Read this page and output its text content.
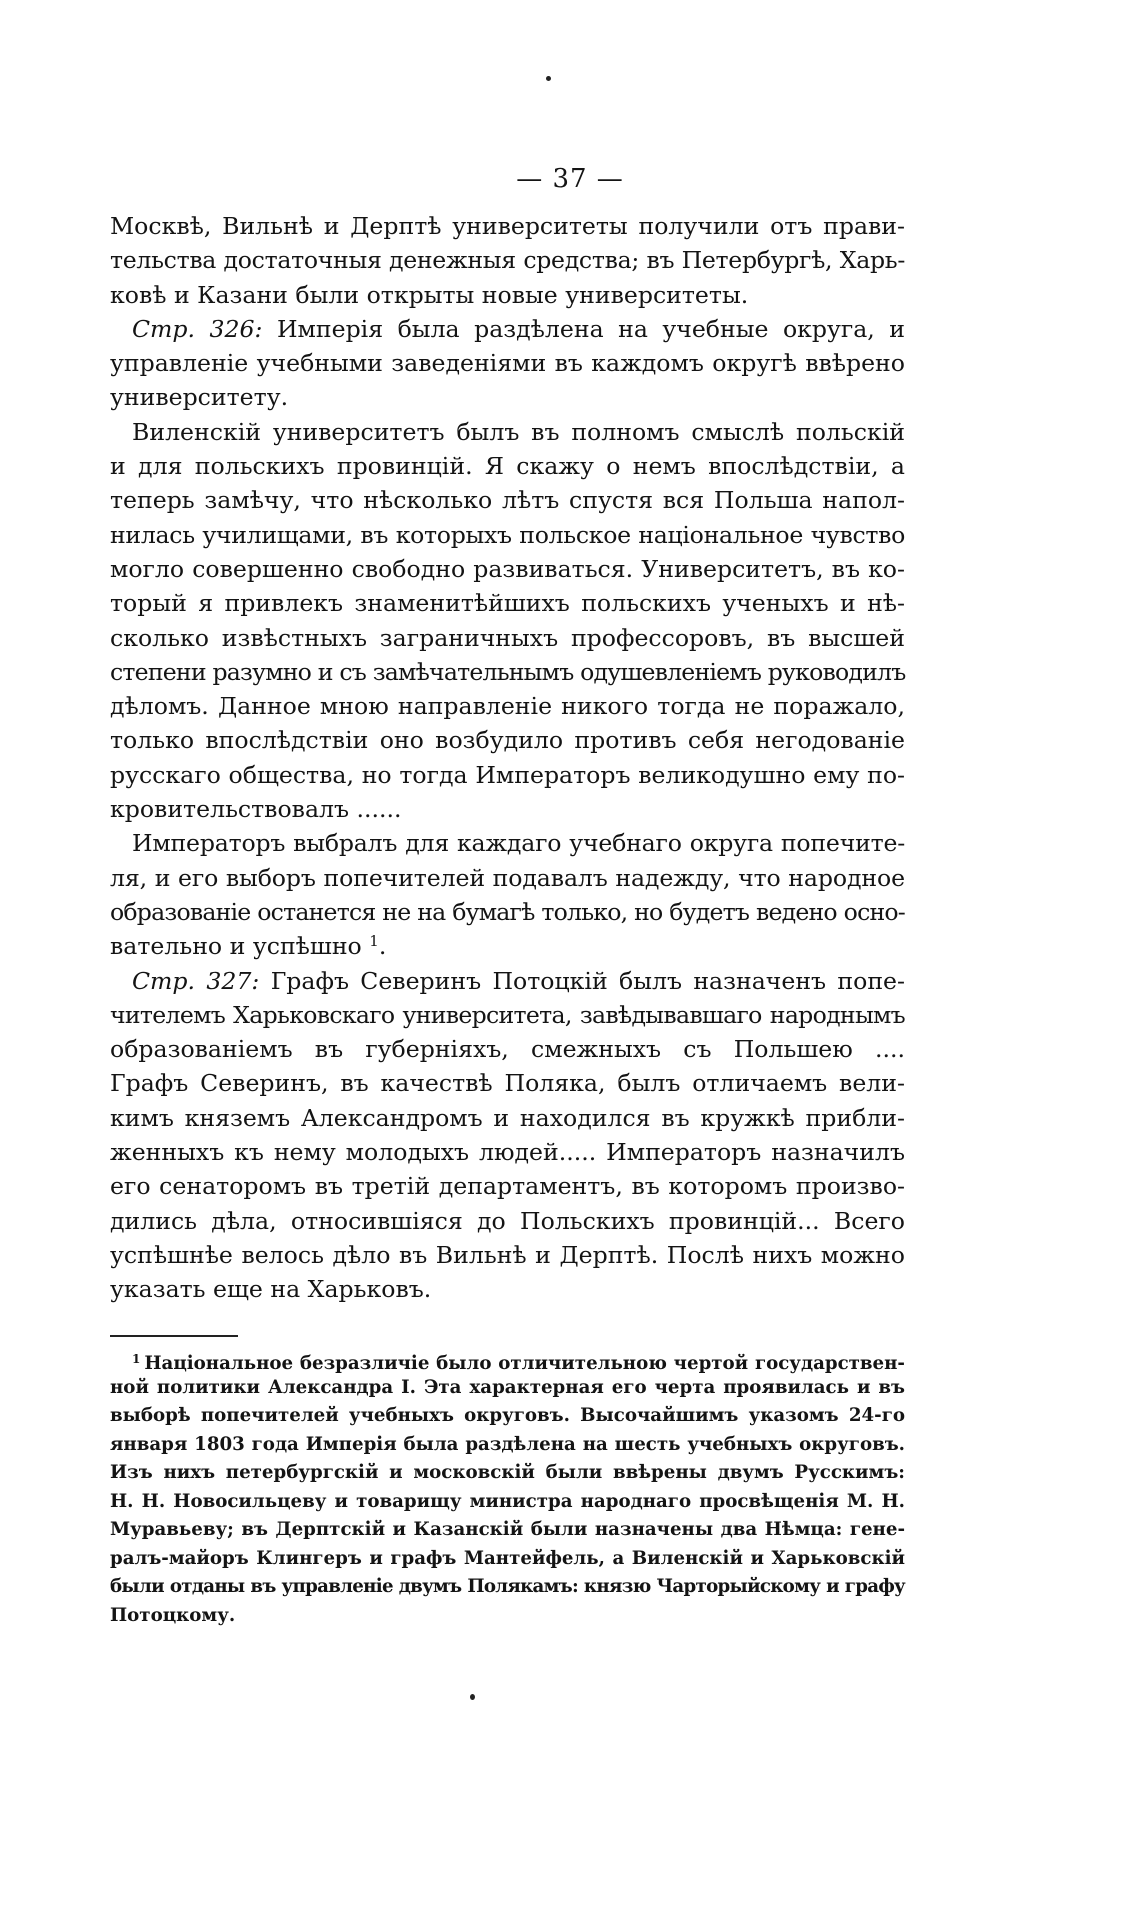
— 37 —
Москвѣ, Вильнѣ и Дерптѣ университеты получили отъ прави-
тельства достаточныя денежныя средства; въ Петербургѣ, Харь-
ковѣ и Казани были открыты новые университеты.
Стр. 326: Имперія была раздѣлена на учебные округа, и
управленіе учебными заведеніями въ каждомъ округѣ ввѣрено
университету.
Виленскій университетъ былъ въ полномъ смыслѣ польскій
и для польскихъ провинцій. Я скажу о немъ впослѣдствіи, а
теперь замѣчу, что нѣсколько лѣтъ спустя вся Польша напол-
нилась училищами, въ которыхъ польское національное чувство
могло совершенно свободно развиваться. Университетъ, въ ко-
торый я привлекъ знаменитѣйшихъ польскихъ ученыхъ и нѣ-
сколько извѣстныхъ заграничныхъ профессоровъ, въ высшей
степени разумно и съ замѣчательнымъ одушевленіемъ руководилъ
дѣломъ. Данное мною направленіе никого тогда не поражало,
только впослѣдствіи оно возбудило противъ себя негодованіе
русскаго общества, но тогда Императоръ великодушно ему по-
кровительствовалъ ......
Императоръ выбралъ для каждаго учебнаго округа попечите-
ля, и его выборъ попечителей подавалъ надежду, что народное
образованіе останется не на бумагѣ только, но будетъ ведено осно-
вательно и успѣшно $^1$.
Стр. 327: Графъ Северинъ Потоцкій былъ назначенъ попе-
чителемъ Харьковскаго университета, завѣдывавшаго народнымъ
образованіемъ въ губерніяхъ, смежныхъ съ Польшею ....
Графъ Северинъ, въ качествѣ Поляка, былъ отличаемъ вели-
кимъ княземъ Александромъ и находился въ кружкѣ прибли-
женныхъ къ нему молодыхъ людей..... Императоръ назначилъ
его сенаторомъ въ третій департаментъ, въ которомъ произво-
дились дѣла, относившіяся до Польскихъ провинцій... Всего
успѣшнѣе велось дѣло въ Вильнѣ и Дерптѣ. Послѣ нихъ можно
указать еще на Харьковъ.
$^1$ Національное безразличіе было отличительною чертой государствен-
ной политики Александра I. Эта характерная его черта проявилась и въ
выборѣ попечителей учебныхъ округовъ. Высочайшимъ указомъ 24-го
января 1803 года Имперія была раздѣлена на шесть учебныхъ округовъ.
Изъ нихъ петербургскій и московскій были ввѣрены двумъ Русскимъ:
Н. Н. Новосильцеву и товарищу министра народнаго просвѣщенія М. Н.
Муравьеву; въ Дерптскій и Казанскій были назначены два Нѣмца: гене-
ралъ-майоръ Клингеръ и графъ Мантейфель, а Виленскій и Харьковскій
были отданы въ управленіе двумъ Полякамъ: князю Чарторыйскому и графу
Потоцкому.
